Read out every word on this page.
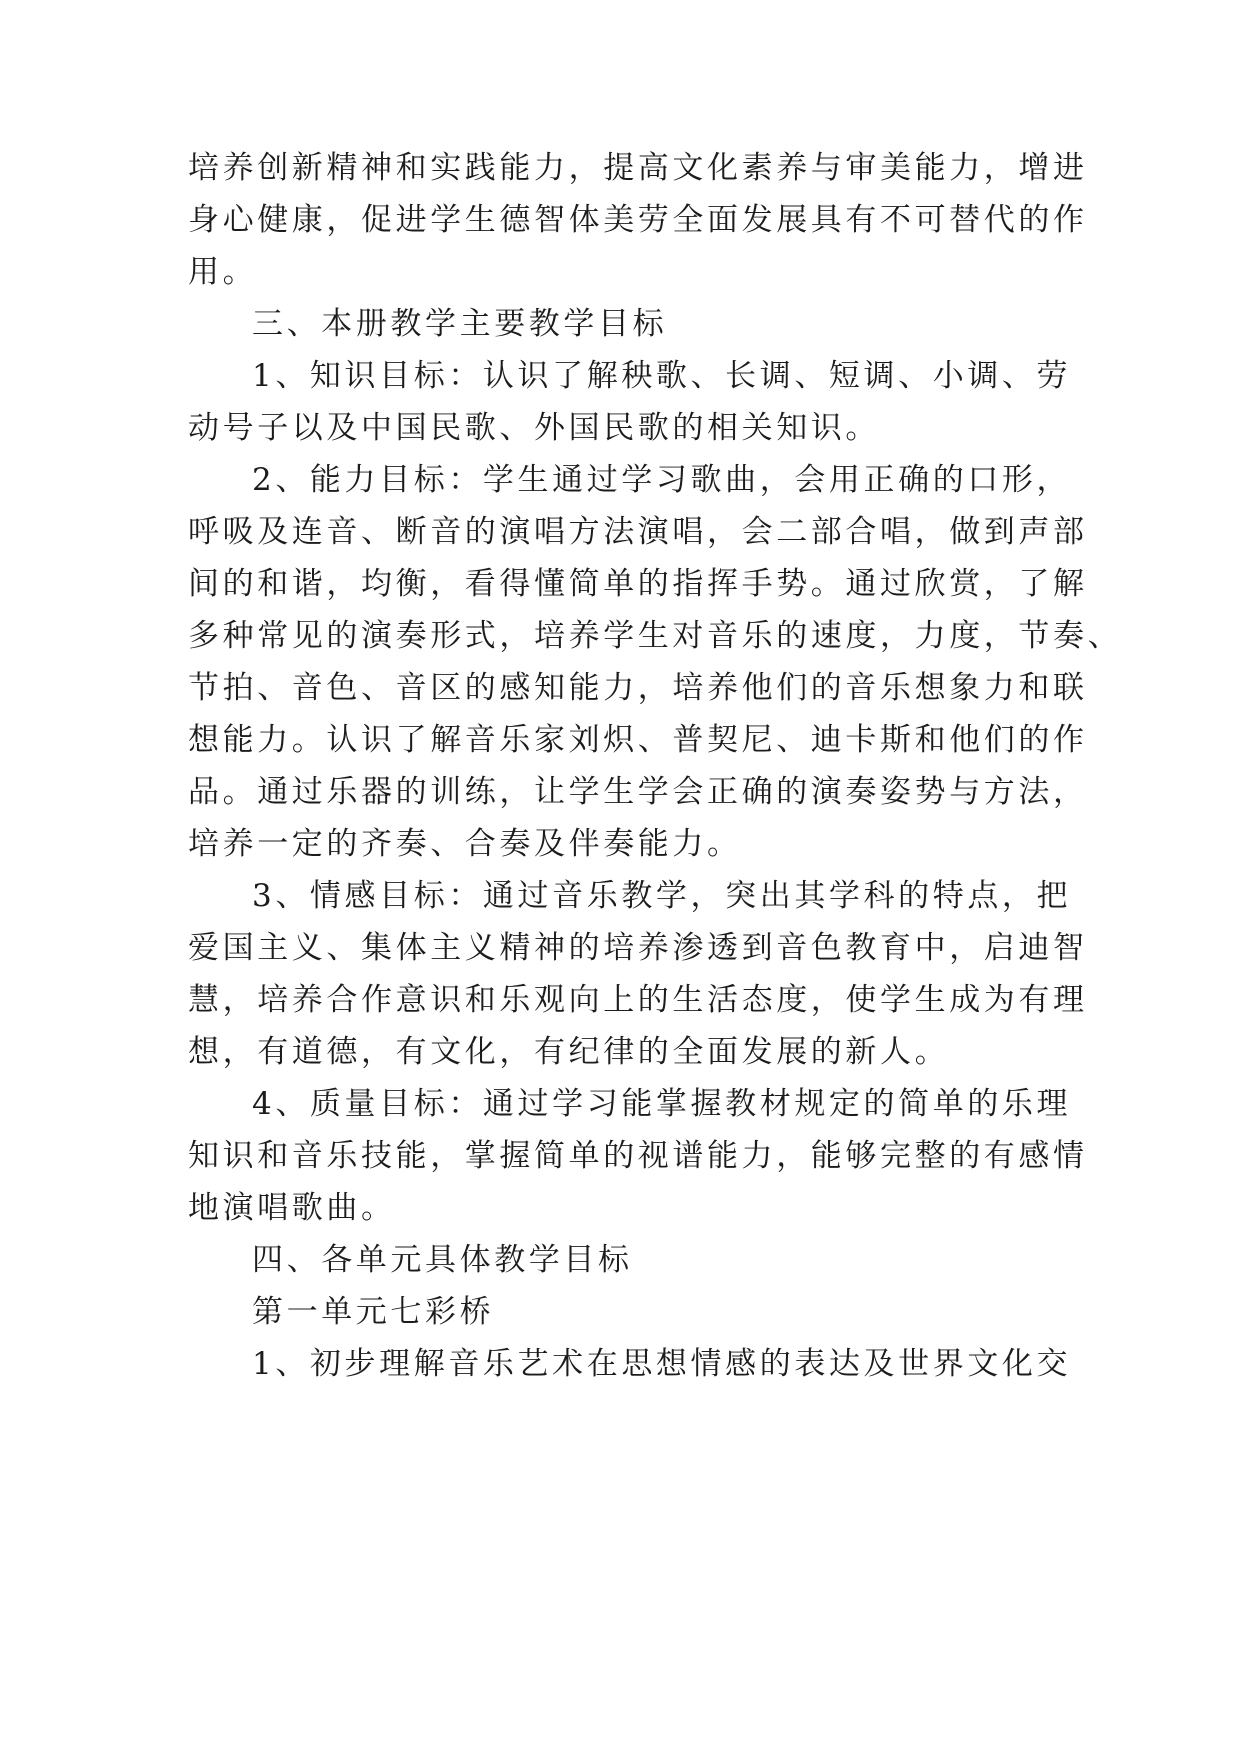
培养创新精神和实践能力，提高文化素养与审美能力，增进
身心健康，促进学生德智体美劳全面发展具有不可替代的作
用。
三、本册教学主要教学目标
1、知识目标：认识了解秧歌、长调、短调、小调、劳
动号子以及中国民歌、外国民歌的相关知识。
2、能力目标：学生通过学习歌曲，会用正确的口形，
呼吸及连音、断音的演唱方法演唱，会二部合唱，做到声部
间的和谐，均衡，看得懂简单的指挥手势。通过欣赏，了解
多种常见的演奏形式，培养学生对音乐的速度，力度，节奏、
节拍、音色、音区的感知能力，培养他们的音乐想象力和联
想能力。认识了解音乐家刘炽、普契尼、迪卡斯和他们的作
品。通过乐器的训练，让学生学会正确的演奏姿势与方法，
培养一定的齐奏、合奏及伴奏能力。
3、情感目标：通过音乐教学，突出其学科的特点，把
爱国主义、集体主义精神的培养渗透到音色教育中，启迪智
慧，培养合作意识和乐观向上的生活态度，使学生成为有理
想，有道德，有文化，有纪律的全面发展的新人。
4、质量目标：通过学习能掌握教材规定的简单的乐理
知识和音乐技能，掌握简单的视谱能力，能够完整的有感情
地演唱歌曲。
四、各单元具体教学目标
第一单元七彩桥
1、初步理解音乐艺术在思想情感的表达及世界文化交
